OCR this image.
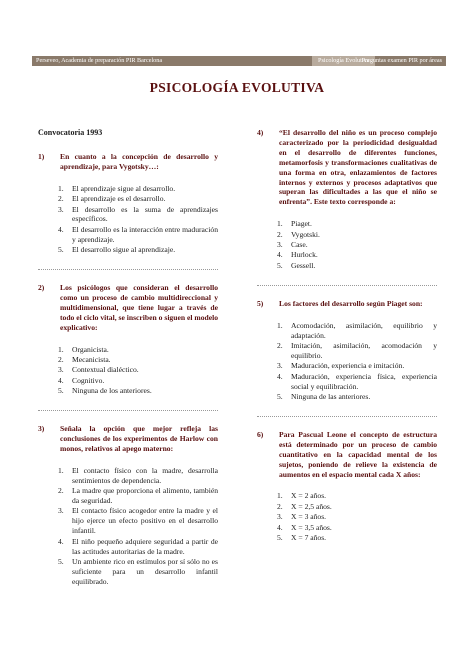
Perseveo, Academia de preparación PIR Barcelona	Psicología Evolutiva
Preguntas examen PIR por áreas
PSICOLOGÍA EVOLUTIVA
Convocatoria 1993
1)	En cuanto a la concepción de desarrollo y aprendizaje, para Vygotsky…:
1.	El aprendizaje sigue al desarrollo.
2.	El aprendizaje es el desarrollo.
3.	El desarrollo es la suma de aprendizajes específicos.
4.	El desarrollo es la interacción entre maduración y aprendizaje.
5.	El desarrollo sigue al aprendizaje.
2)	Los psicólogos que consideran el desarrollo como un proceso de cambio multidireccional y multidimensional, que tiene lugar a través de todo el ciclo vital, se inscriben o siguen el modelo explicativo:
1.	Organicista.
2.	Mecanicista.
3.	Contextual dialéctico.
4.	Cognitivo.
5.	Ninguna de los anteriores.
3)	Señala la opción que mejor refleja las conclusiones de los experimentos de Harlow con monos, relativos al apego materno:
1.	El contacto físico con la madre, desarrolla sentimientos de dependencia.
2.	La madre que proporciona el alimento, también da seguridad.
3.	El contacto físico acogedor entre la madre y el hijo ejerce un efecto positivo en el desarrollo infantil.
4.	El niño pequeño adquiere seguridad a partir de las actitudes autoritarias de la madre.
5.	Un ambiente rico en estímulos por sí sólo no es suficiente para un desarrollo infantil equilibrado.
4)	“El desarrollo del niño es un proceso complejo caracterizado por la periodicidad desigualdad en el desarrollo de diferentes funciones, metamorfosis y transformaciones cualitativas de una forma en otra, enlazamientos de factores internos y externos y procesos adaptativos que superan las dificultades a las que el niño se enfrenta”. Este texto corresponde a:
1.	Piaget.
2.	Vygotski.
3.	Case.
4.	Hurlock.
5.	Gessell.
5)	Los factores del desarrollo según Piaget son:
1.	Acomodación, asimilación, equilibrio y adaptación.
2.	Imitación, asimilación, acomodación y equilibrio.
3.	Maduración, experiencia e imitación.
4.	Maduración, experiencia física, experiencia social y equilibración.
5.	Ninguna de las anteriores.
6)	Para Pascual Leone el concepto de estructura está determinado por un proceso de cambio cuantitativo en la capacidad mental de los sujetos, poniendo de relieve la existencia de aumentos en el espacio mental cada X años:
1.	X = 2 años.
2.	X = 2,5 años.
3.	X = 3 años.
4.	X = 3,5 años.
5.	X = 7 años.
